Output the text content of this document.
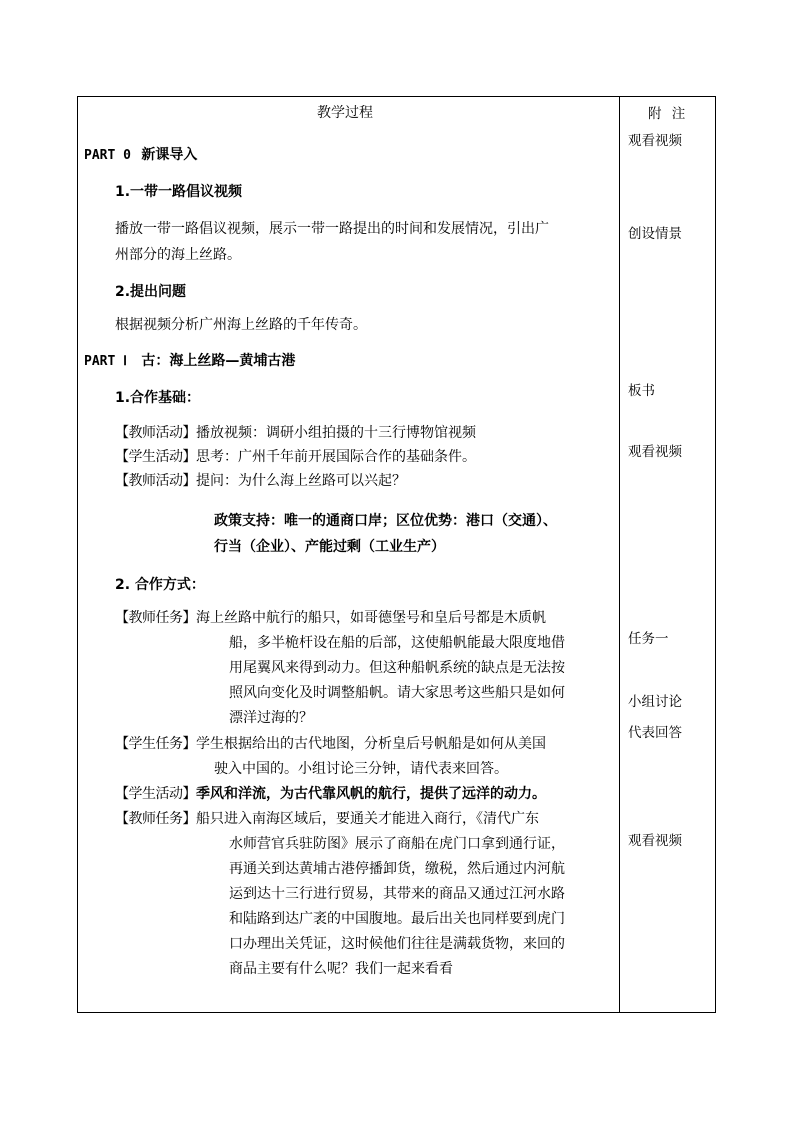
教学过程	附 注
PART 0 新课导入
1.一带一路倡议视频
播放一带一路倡议视频，展示一带一路提出的时间和发展情况，引出广
州部分的海上丝路。
2.提出问题
根据视频分析广州海上丝路的千年传奇。
PART Ⅰ 古：海上丝路—黄埔古港
1.合作基础：
【教师活动】播放视频：调研小组拍摄的十三行博物馆视频
【学生活动】思考：广州千年前开展国际合作的基础条件。
【教师活动】提问：为什么海上丝路可以兴起？
政策支持：唯一的通商口岸；区位优势：港口（交通）、
行当（企业）、产能过剩（工业生产）
2. 合作方式：
【教师任务】海上丝路中航行的船只，如哥德堡号和皇后号都是木质帆
船，多半桅杆设在船的后部，这使船帆能最大限度地借
用尾翼风来得到动力。但这种船帆系统的缺点是无法按
照风向变化及时调整船帆。请大家思考这些船只是如何
漂洋过海的？
【学生任务】学生根据给出的古代地图，分析皇后号帆船是如何从美国
驶入中国的。小组讨论三分钟，请代表来回答。
【学生活动】季风和洋流，为古代靠风帆的航行，提供了远洋的动力。
【教师任务】船只进入南海区域后，要通关才能进入商行，《清代广东
水师营官兵驻防图》展示了商船在虎门口拿到通行证，
再通关到达黄埔古港停播卸货，缴税，然后通过内河航
运到达十三行进行贸易，其带来的商品又通过江河水路
和陆路到达广袤的中国腹地。最后出关也同样要到虎门
口办理出关凭证，这时候他们往往是满载货物，来回的
商品主要有什么呢？我们一起来看看
观看视频
创设情景
板书
观看视频
任务一
小组讨论
代表回答
观看视频
